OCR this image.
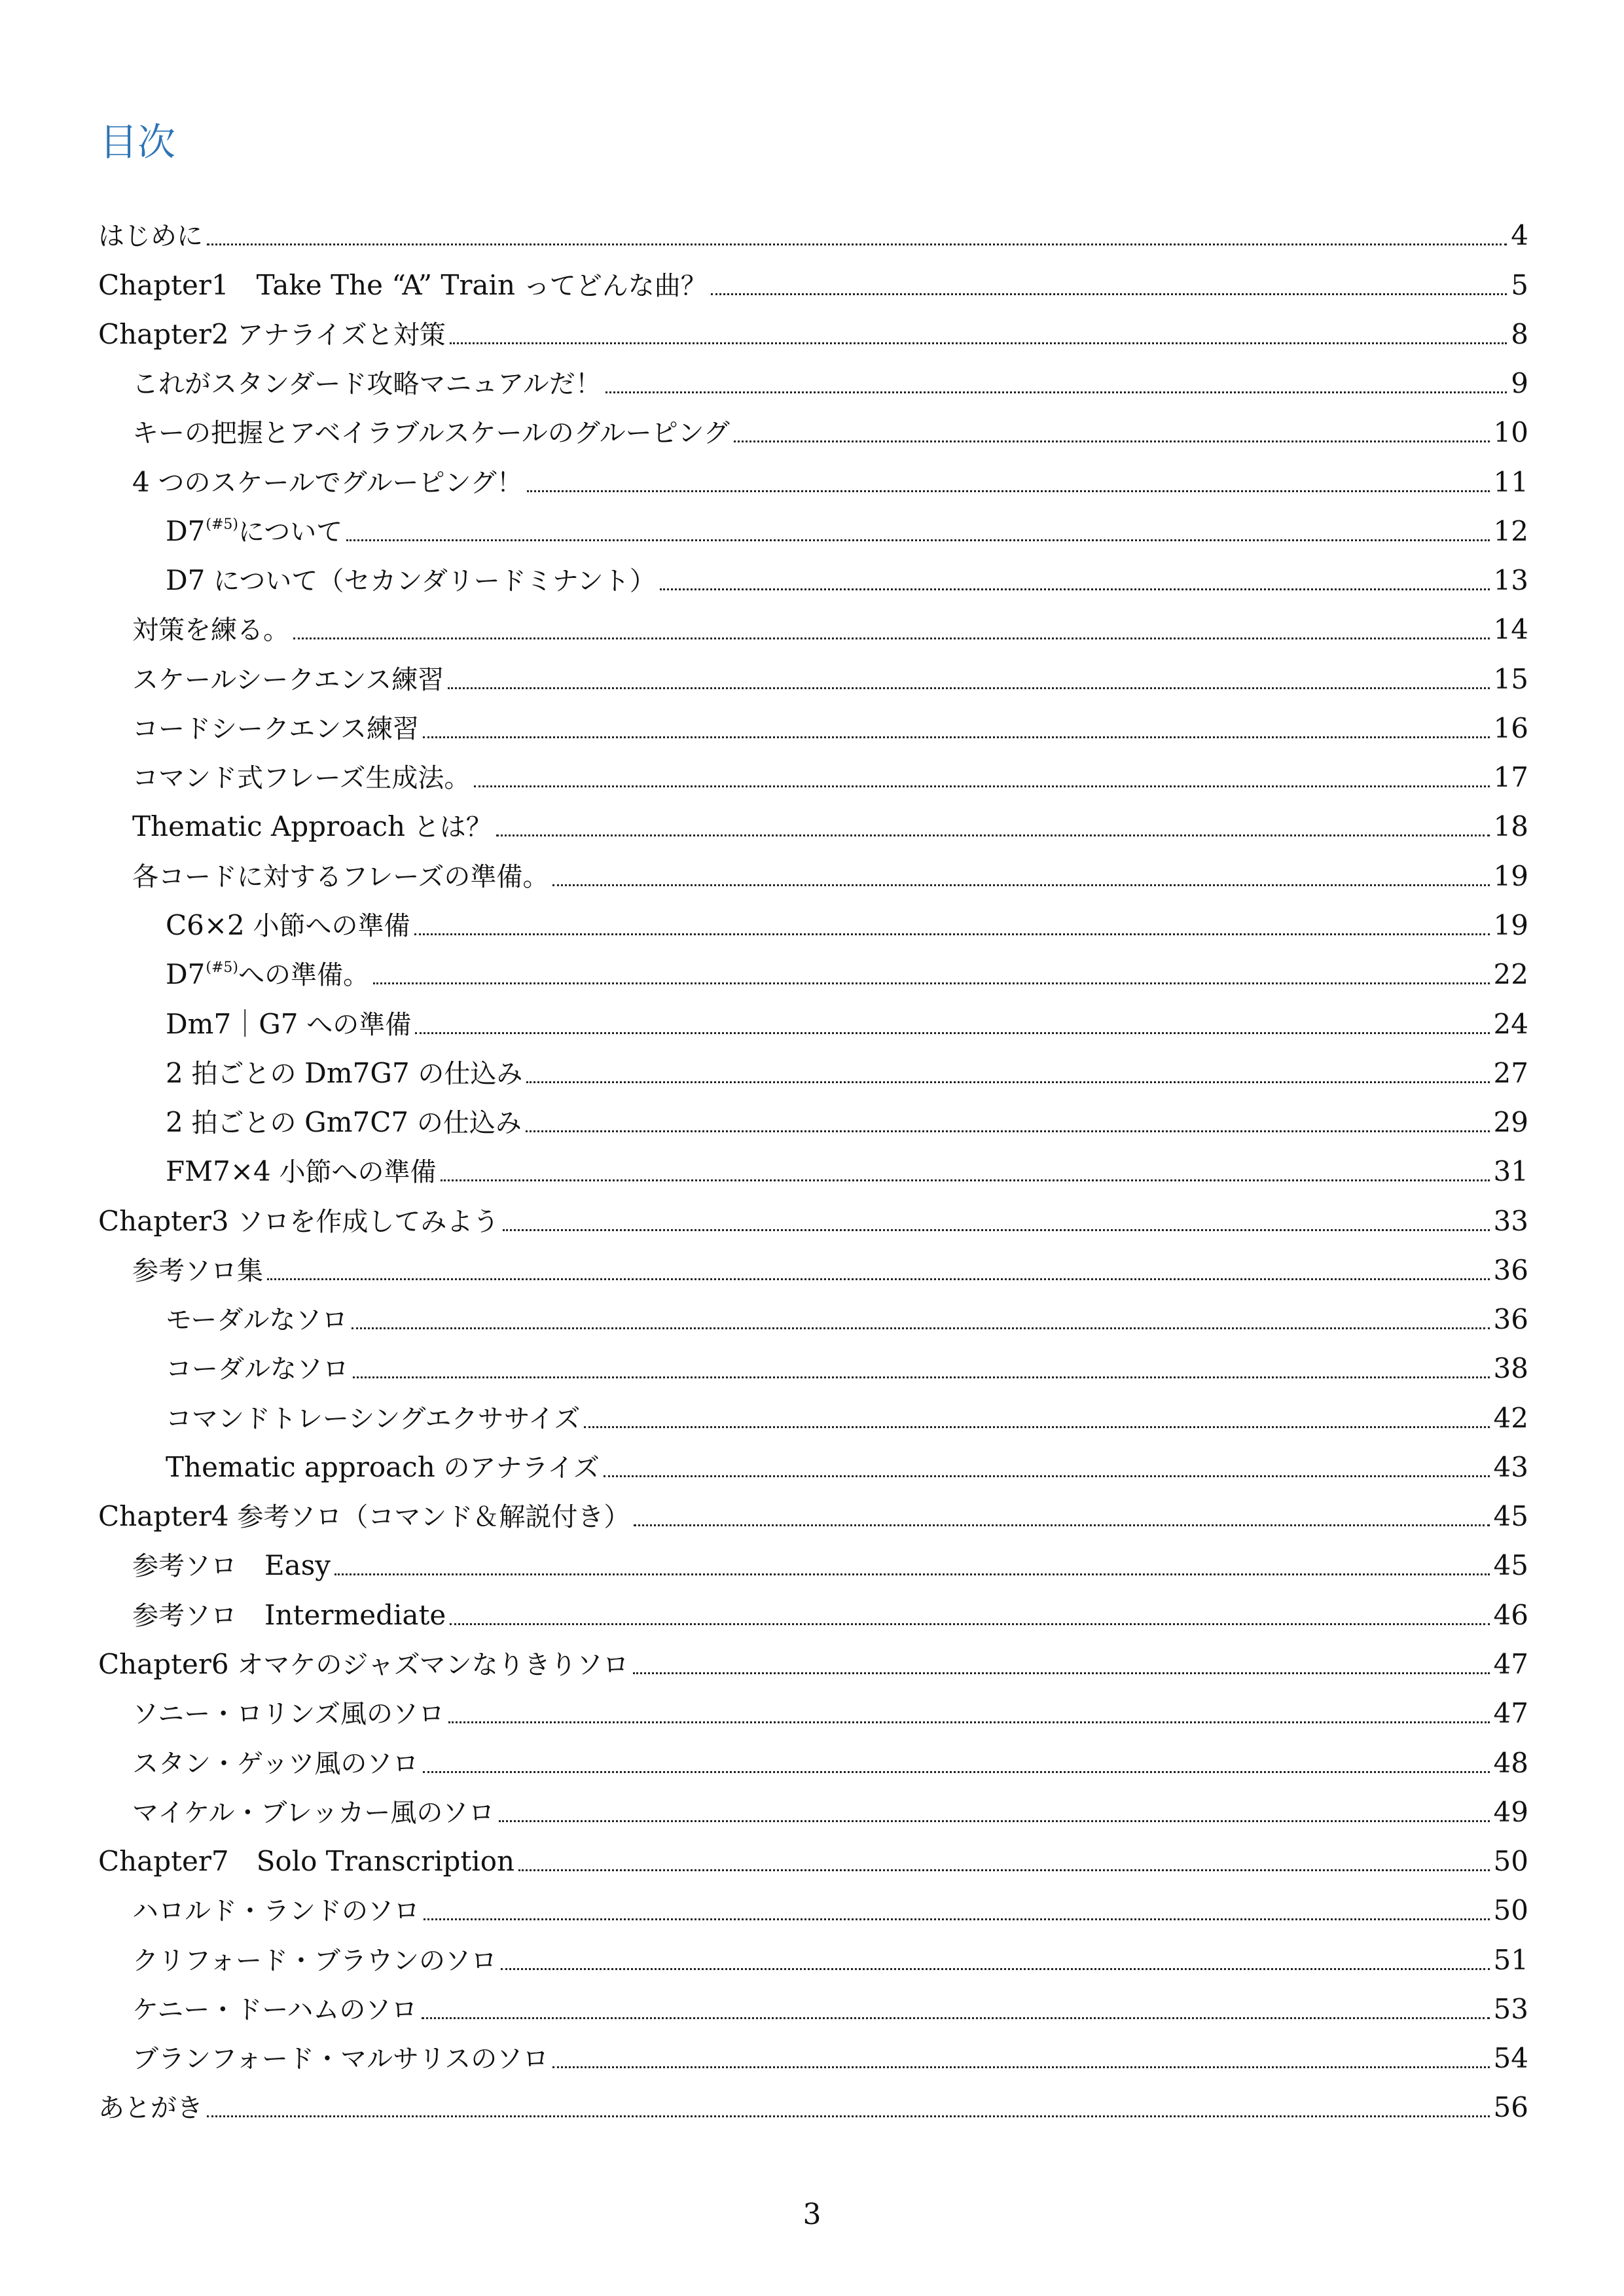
目次
はじめに	4
Chapter1　Take The “A” Train ってどんな曲？	5
Chapter2 アナライズと対策	8
これがスタンダード攻略マニュアルだ！	9
キーの把握とアベイラブルスケールのグルーピング	10
4 つのスケールでグルーピング！	11
$D7^{(\#5)}$について	12
D7 について（セカンダリードミナント）	13
対策を練る。	14
スケールシークエンス練習	15
コードシークエンス練習	16
コマンド式フレーズ生成法。	17
Thematic Approach とは？	18
各コードに対するフレーズの準備。	19
C6×2 小節への準備	19
$D7^{(\#5)}$への準備。	22
Dm7｜G7 への準備	24
2 拍ごとの Dm7G7 の仕込み	27
2 拍ごとの Gm7C7 の仕込み	29
FM7×4 小節への準備	31
Chapter3 ソロを作成してみよう	33
参考ソロ集	36
モーダルなソロ	36
コーダルなソロ	38
コマンドトレーシングエクササイズ	42
Thematic approach のアナライズ	43
Chapter4 参考ソロ（コマンド＆解説付き）	45
参考ソロ　Easy	45
参考ソロ　Intermediate	46
Chapter6 オマケのジャズマンなりきりソロ	47
ソニー・ロリンズ風のソロ	47
スタン・ゲッツ風のソロ	48
マイケル・ブレッカー風のソロ	49
Chapter7　Solo Transcription	50
ハロルド・ランドのソロ	50
クリフォード・ブラウンのソロ	51
ケニー・ドーハムのソロ	53
ブランフォード・マルサリスのソロ	54
あとがき	56
3
